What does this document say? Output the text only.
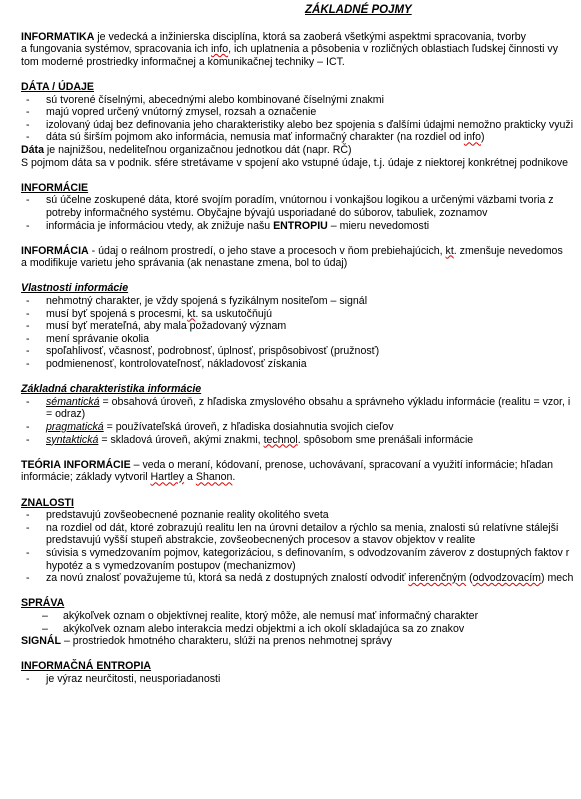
ZÁKLADNÉ POJMY
INFORMATIKA je vedecká a inžinierska disciplína, ktorá sa zaoberá všetkými aspektmi spracovania, tvorby
a fungovania systémov, spracovania ich info, ich uplatnenia a pôsobenia v rozličných oblastiach ľudskej činnosti vy
tom moderné prostriedky informačnej a komunikačnej techniky – ICT.
DÁTA / ÚDAJE
- sú tvorené číselnými, abecednými alebo kombinované číselnými znakmi
- majú vopred určený vnútorný zmysel, rozsah a označenie
- izolovaný údaj bez definovania jeho charakteristiky alebo bez spojenia s ďalšími údajmi nemožno prakticky využi
- dáta sú širším pojmom ako informácia, nemusia mať informačný charakter (na rozdiel od info)
Dáta je najnižšou, nedeliteľnou organizačnou jednotkou dát (napr. RČ)
S pojmom dáta sa v podnik. sfére stretávame v spojení ako vstupné údaje, t.j. údaje z niektorej konkrétnej podnikove
INFORMÁCIE
- sú účelne zoskupené dáta, ktoré svojím poradím, vnútornou i vonkajšou logikou a určenými väzbami tvoria z
potreby informačného systému. Obyčajne bývajú usporiadané do súborov, tabuliek, zoznamov
- informácia je informáciou vtedy, ak znižuje našu ENTROPIU – mieru nevedomosti
INFORMÁCIA - údaj o reálnom prostredí, o jeho stave a procesoch v ňom prebiehajúcich, kt. zmenšuje nevedomos
a modifikuje varietu jeho správania (ak nenastane zmena, bol to údaj)
Vlastnosti informácie
- nehmotný charakter, je vždy spojená s fyzikálnym nositeľom – signál
- musí byť spojená s procesmi, kt. sa uskutočňujú
- musí byť merateľná, aby mala požadovaný význam
- mení správanie okolia
- spoľahlivosť, včasnosť, podrobnosť, úplnosť, prispôsobivosť (pružnosť)
- podmienenosť, kontrolovateľnosť, nákladovosť získania
Základná charakteristika informácie
- sémantická = obsahová úroveň, z hľadiska zmyslového obsahu a správneho výkladu informácie (realitu = vzor, i
= odraz)
- pragmatická = používateľská úroveň, z hľadiska dosiahnutia svojich cieľov
- syntaktická = skladová úroveň, akými znakmi, technol. spôsobom sme prenášali informácie
TEÓRIA INFORMÁCIE – veda o meraní, kódovaní, prenose, uchovávaní, spracovaní a využití informácie; hľadan
informácie; základy vytvoril Hartley a Shanon.
ZNALOSTI
- predstavujú zovšeobecnené poznanie reality okolitého sveta
- na rozdiel od dát, ktoré zobrazujú realitu len na úrovni detailov a rýchlo sa menia, znalosti sú relatívne stálejši
predstavujú vyšší stupeň abstrakcie, zovšeobecnených procesov a stavov objektov v realite
- súvisia s vymedzovaním pojmov, kategorizáciou, s definovaním, s odvodzovaním záverov z dostupných faktov r
hypotéz a s vymedzovaním postupov (mechanizmov)
- za novú znalosť považujeme tú, ktorá sa nedá z dostupných znalostí odvodiť inferenčným (odvodzovacím) mech
SPRÁVA
– akýkoľvek oznam o objektívnej realite, ktorý môže, ale nemusí mať informačný charakter
– akýkoľvek oznam alebo interakcia medzi objektmi a ich okolí skladajúca sa zo znakov
SIGNÁL – prostriedok hmotného charakteru, slúži na prenos nehmotnej správy
INFORMAČNÁ ENTROPIA
- je výraz neurčitosti, neusporiadanosti
